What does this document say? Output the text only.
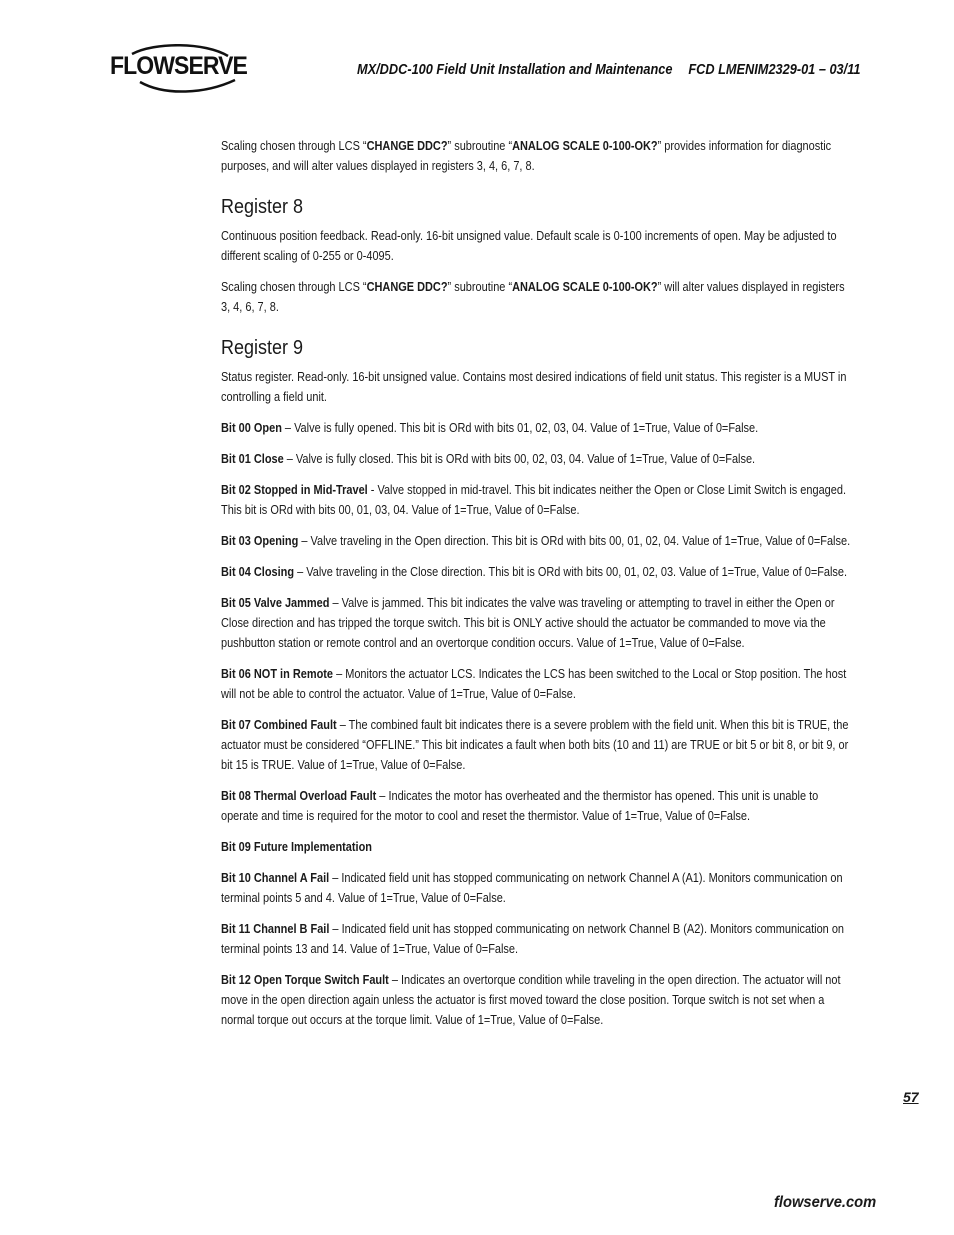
FLOWSERVE	MX/DDC-100 Field Unit Installation and Maintenance FCD LMENIM2329-01 – 03/11

Scaling chosen through LCS “CHANGE DDC?” subroutine “ANALOG SCALE 0-100-OK?” provides information for diagnostic purposes, and will alter values displayed in registers 3, 4, 6, 7, 8.

Register 8

Continuous position feedback. Read-only. 16-bit unsigned value. Default scale is 0-100 increments of open. May be adjusted to different scaling of 0-255 or 0-4095.

Scaling chosen through LCS “CHANGE DDC?” subroutine “ANALOG SCALE 0-100-OK?” will alter values displayed in registers 3, 4, 6, 7, 8.

Register 9

Status register. Read-only. 16-bit unsigned value. Contains most desired indications of field unit status. This register is a MUST in controlling a field unit.

Bit 00 Open – Valve is fully opened. This bit is ORd with bits 01, 02, 03, 04. Value of 1=True, Value of 0=False.

Bit 01 Close – Valve is fully closed. This bit is ORd with bits 00, 02, 03, 04. Value of 1=True, Value of 0=False.

Bit 02 Stopped in Mid-Travel - Valve stopped in mid-travel. This bit indicates neither the Open or Close Limit Switch is engaged. This bit is ORd with bits 00, 01, 03, 04. Value of 1=True, Value of 0=False.

Bit 03 Opening – Valve traveling in the Open direction. This bit is ORd with bits 00, 01, 02, 04. Value of 1=True, Value of 0=False.

Bit 04 Closing – Valve traveling in the Close direction. This bit is ORd with bits 00, 01, 02, 03. Value of 1=True, Value of 0=False.

Bit 05 Valve Jammed – Valve is jammed. This bit indicates the valve was traveling or attempting to travel in either the Open or Close direction and has tripped the torque switch. This bit is ONLY active should the actuator be commanded to move via the pushbutton station or remote control and an overtorque condition occurs. Value of 1=True, Value of 0=False.

Bit 06 NOT in Remote – Monitors the actuator LCS. Indicates the LCS has been switched to the Local or Stop position. The host will not be able to control the actuator. Value of 1=True, Value of 0=False.

Bit 07 Combined Fault – The combined fault bit indicates there is a severe problem with the field unit. When this bit is TRUE, the actuator must be considered “OFFLINE.” This bit indicates a fault when both bits (10 and 11) are TRUE or bit 5 or bit 8, or bit 9, or bit 15 is TRUE. Value of 1=True, Value of 0=False.

Bit 08 Thermal Overload Fault – Indicates the motor has overheated and the thermistor has opened. This unit is unable to operate and time is required for the motor to cool and reset the thermistor. Value of 1=True, Value of 0=False.

Bit 09 Future Implementation

Bit 10 Channel A Fail – Indicated field unit has stopped communicating on network Channel A (A1). Monitors communication on terminal points 5 and 4. Value of 1=True, Value of 0=False.

Bit 11 Channel B Fail – Indicated field unit has stopped communicating on network Channel B (A2). Monitors communication on terminal points 13 and 14. Value of 1=True, Value of 0=False.

Bit 12 Open Torque Switch Fault – Indicates an overtorque condition while traveling in the open direction. The actuator will not move in the open direction again unless the actuator is first moved toward the close position. Torque switch is not set when a normal torque out occurs at the torque limit. Value of 1=True, Value of 0=False.

57
flowserve.com
